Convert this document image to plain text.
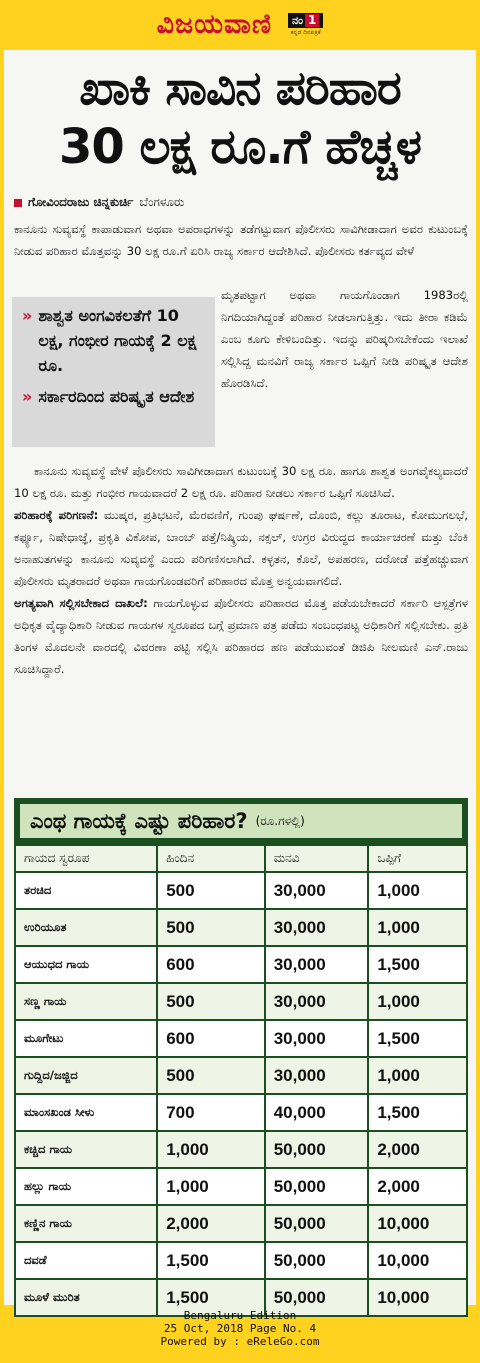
ವಿಜಯವಾಣಿ ನಂ 1
ಕನ್ನಡ ದಿನಪತ್ರಿಕೆ
ಖಾಕಿ ಸಾವಿನ ಪರಿಹಾರ
30 ಲಕ್ಷ ರೂ.ಗೆ ಹೆಚ್ಚಳ
ಗೋವಿಂದರಾಜು ಚಿನ್ನಕುರ್ಚಿ ಬೆಂಗಳೂರು
ಕಾನೂನು ಸುವ್ಯವಸ್ಥೆ ಕಾಪಾಡುವಾಗ ಅಥವಾ ಅಪರಾಧಗಳನ್ನು ತಡೆಗಟ್ಟುವಾಗ ಪೊಲೀಸರು ಸಾವಿಗೀಡಾದಾಗ ಅವರ ಕುಟುಂಬಕ್ಕೆ ನೀಡುವ ಪರಿಹಾರ ಮೊತ್ತವನ್ನು 30 ಲಕ್ಷ ರೂ.ಗೆ ಏರಿಸಿ ರಾಜ್ಯ ಸರ್ಕಾರ ಆದೇಶಿಸಿದೆ. ಪೊಲೀಸರು ಕರ್ತವ್ಯದ ವೇಳೆ
» ಶಾಶ್ವತ ಅಂಗವಿಕಲತೆಗೆ 10 ಲಕ್ಷ, ಗಂಭೀರ ಗಾಯಕ್ಕೆ 2 ಲಕ್ಷ ರೂ.
» ಸರ್ಕಾರದಿಂದ ಪರಿಷ್ಕೃತ ಆದೇಶ
ಮೃತಪಟ್ಟಾಗ ಅಥವಾ ಗಾಯಗೊಂಡಾಗ 1983ರಲ್ಲಿ ನಿಗದಿಯಾಗಿದ್ದಂತೆ ಪರಿಹಾರ ನೀಡಲಾಗುತ್ತಿತ್ತು. ಇದು ತೀರಾ ಕಡಿಮೆ ಎಂಬ ಕೂಗು ಕೇಳಿಬಂದಿತ್ತು. ಇದನ್ನು ಪರಿಷ್ಕರಿಸಬೇಕೆಂದು ಇಲಾಖೆ ಸಲ್ಲಿಸಿದ್ದ ಮನವಿಗೆ ರಾಜ್ಯ ಸರ್ಕಾರ ಒಪ್ಪಿಗೆ ನೀಡಿ ಪರಿಷ್ಕೃತ ಆದೇಶ ಹೊರಡಿಸಿದೆ.

ಕಾನೂನು ಸುವ್ಯವಸ್ಥೆ ವೇಳೆ ಪೊಲೀಸರು ಸಾವಿಗೀಡಾದಾಗ ಕುಟುಂಬಕ್ಕೆ 30 ಲಕ್ಷ ರೂ. ಹಾಗೂ ಶಾಶ್ವತ ಅಂಗವೈಕಲ್ಯವಾದರೆ 10 ಲಕ್ಷ ರೂ. ಮತ್ತು ಗಂಭೀರ ಗಾಯವಾದರೆ 2 ಲಕ್ಷ ರೂ. ಪರಿಹಾರ ನೀಡಲು ಸರ್ಕಾರ ಒಪ್ಪಿಗೆ ಸೂಚಿಸಿದೆ.

ಪರಿಹಾರಕ್ಕೆ ಪರಿಗಣನೆ: ಮುಷ್ಕರ, ಪ್ರತಿಭಟನೆ, ಮೆರವಣಿಗೆ, ಗುಂಪು ಘರ್ಷಣೆ, ದೊಂಬಿ, ಕಲ್ಲು ತೂರಾಟ, ಕೋಮುಗಲಭೆ, ಕರ್ಫ್ಯೂ, ನಿಷೇಧಾಜ್ಞೆ, ಪ್ರಕೃತಿ ವಿಕೋಪ, ಬಾಂಬ್ ಪತ್ತೆ/ನಿಷ್ಕ್ರಿಯ, ನಕ್ಸಲ್, ಉಗ್ರರ ವಿರುದ್ಧದ ಕಾರ್ಯಾಚರಣೆ ಮತ್ತು ಬೆಂಕಿ ಅನಾಹುತಗಳನ್ನು ಕಾನೂನು ಸುವ್ಯವಸ್ಥೆ ಎಂದು ಪರಿಗಣಿಸಲಾಗಿದೆ. ಕಳ್ಳತನ, ಕೊಲೆ, ಅಪಹರಣ, ದರೋಡೆ ಪತ್ತೆಹಚ್ಚುವಾಗ ಪೊಲೀಸರು ಮೃತರಾದರೆ ಅಥವಾ ಗಾಯಗೊಂಡವರಿಗೆ ಪರಿಹಾರದ ಮೊತ್ತ ಅನ್ವಯವಾಗಲಿದೆ.

ಅಗತ್ಯವಾಗಿ ಸಲ್ಲಿಸಬೇಕಾದ ದಾಖಲೆ: ಗಾಯಗೊಳ್ಳುವ ಪೊಲೀಸರು ಪರಿಹಾರದ ಮೊತ್ತ ಪಡೆಯಬೇಕಾದರೆ ಸರ್ಕಾರಿ ಆಸ್ಪತ್ರೆಗಳ ಅಧಿಕೃತ ವೈದ್ಯಾಧಿಕಾರಿ ನೀಡುವ ಗಾಯಗಳ ಸ್ವರೂಪದ ಬಗ್ಗೆ ಪ್ರಮಾಣ ಪತ್ರ ಪಡೆದು ಸಂಬಂಧಪಟ್ಟ ಅಧಿಕಾರಿಗೆ ಸಲ್ಲಿಸಬೇಕು. ಪ್ರತಿ ತಿಂಗಳ ಮೊದಲನೇ ವಾರದಲ್ಲಿ ವಿವರಣಾ ಪಟ್ಟಿ ಸಲ್ಲಿಸಿ ಪರಿಹಾರದ ಹಣ ಪಡೆಯುವಂತೆ ಡಿಜಿಪಿ ನೀಲಮಣಿ ಎನ್.ರಾಜು ಸೂಚಿಸಿದ್ದಾರೆ.

ಎಂಥ ಗಾಯಕ್ಕೆ ಎಷ್ಟು ಪರಿಹಾರ? (ರೂ.ಗಳಲ್ಲಿ)
ಗಾಯದ ಸ್ವರೂಪ	ಹಿಂದಿನ	ಮನವಿ	ಒಪ್ಪಿಗೆ
ತರಚಿದ	500	30,000	1,000
ಉರಿಯೂತ	500	30,000	1,000
ಆಯುಧದ ಗಾಯ	600	30,000	1,500
ಸಣ್ಣ ಗಾಯ	500	30,000	1,000
ಮೂಗೇಟು	600	30,000	1,500
ಗುದ್ದಿದ/ಜಜ್ಜಿದ	500	30,000	1,000
ಮಾಂಸಖಂಡ ಸೀಳು	700	40,000	1,500
ಕಚ್ಚಿದ ಗಾಯ	1,000	50,000	2,000
ಹಲ್ಲು ಗಾಯ	1,000	50,000	2,000
ಕಣ್ಣಿನ ಗಾಯ	2,000	50,000	10,000
ದವಡೆ	1,500	50,000	10,000
ಮೂಳೆ ಮುರಿತ	1,500	50,000	10,000
Bengaluru Edition
25 Oct, 2018 Page No. 4
Powered by : eReleGo.com
